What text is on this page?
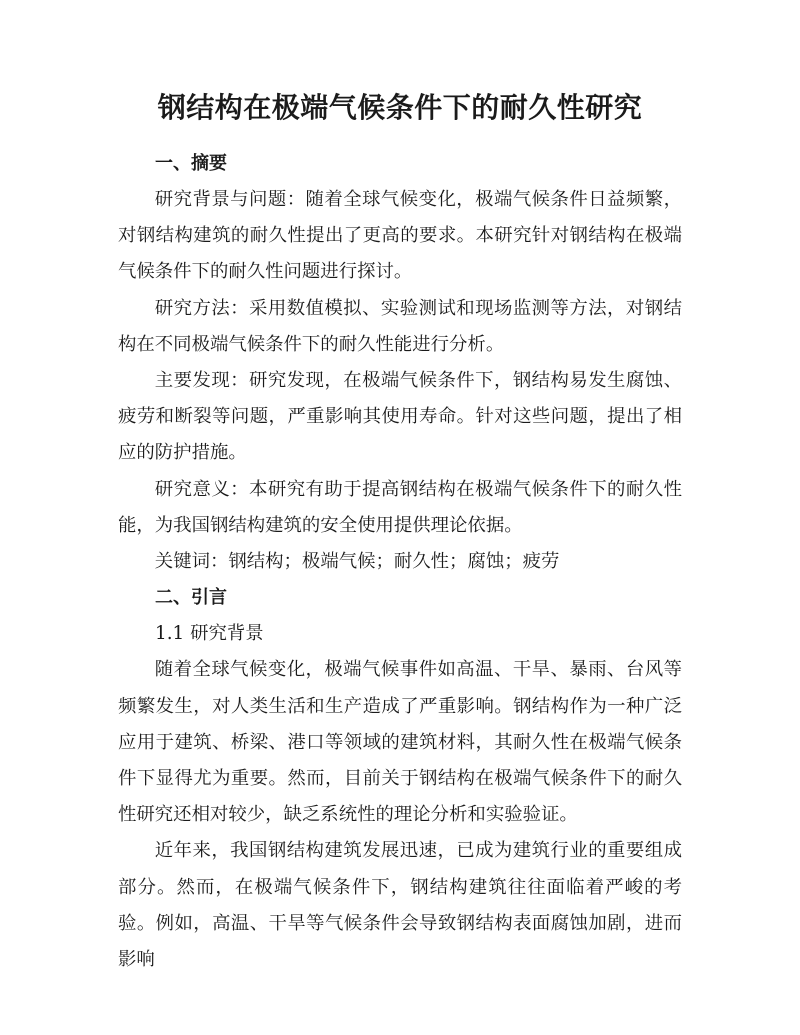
钢结构在极端气候条件下的耐久性研究
一、摘要

研究背景与问题：随着全球气候变化，极端气候条件日益频繁，对钢结构建筑的耐久性提出了更高的要求。本研究针对钢结构在极端气候条件下的耐久性问题进行探讨。

研究方法：采用数值模拟、实验测试和现场监测等方法，对钢结构在不同极端气候条件下的耐久性能进行分析。

主要发现：研究发现，在极端气候条件下，钢结构易发生腐蚀、疲劳和断裂等问题，严重影响其使用寿命。针对这些问题，提出了相应的防护措施。

研究意义：本研究有助于提高钢结构在极端气候条件下的耐久性能，为我国钢结构建筑的安全使用提供理论依据。

关键词：钢结构；极端气候；耐久性；腐蚀；疲劳

二、引言

1.1 研究背景

随着全球气候变化，极端气候事件如高温、干旱、暴雨、台风等频繁发生，对人类生活和生产造成了严重影响。钢结构作为一种广泛应用于建筑、桥梁、港口等领域的建筑材料，其耐久性在极端气候条件下显得尤为重要。然而，目前关于钢结构在极端气候条件下的耐久性研究还相对较少，缺乏系统性的理论分析和实验验证。

近年来，我国钢结构建筑发展迅速，已成为建筑行业的重要组成部分。然而，在极端气候条件下，钢结构建筑往往面临着严峻的考验。例如，高温、干旱等气候条件会导致钢结构表面腐蚀加剧，进而影响
